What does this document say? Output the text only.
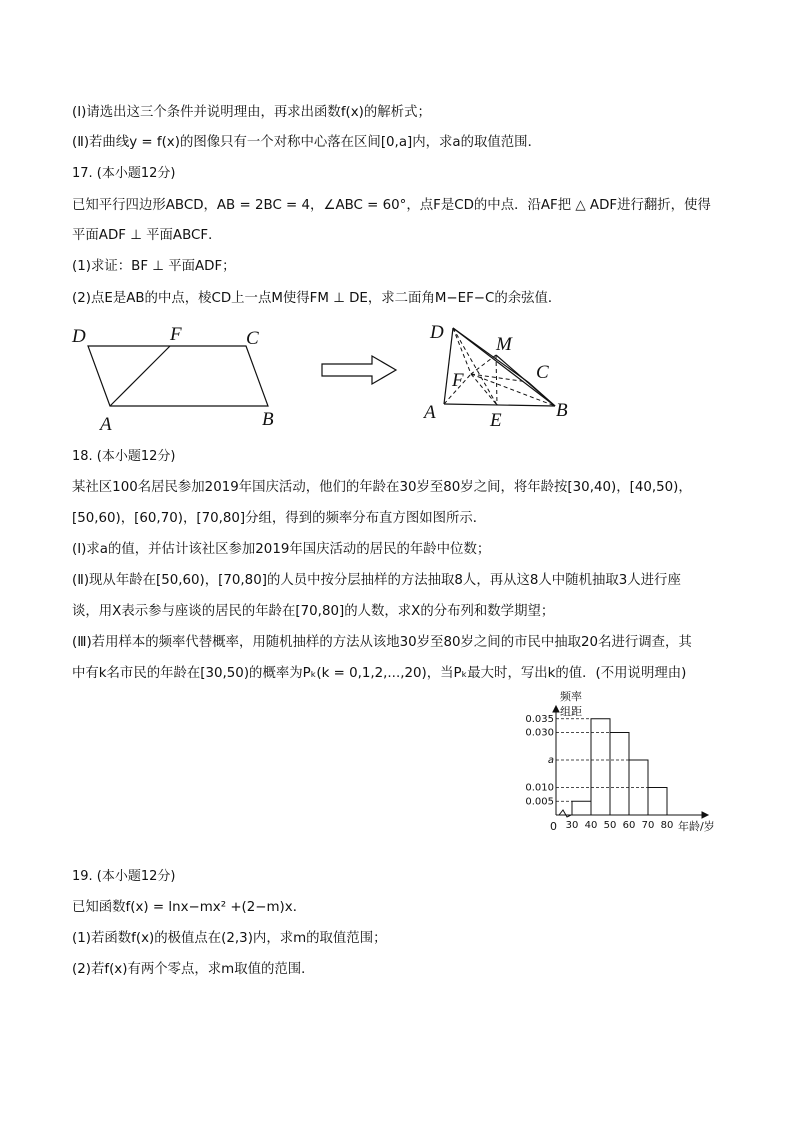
(Ⅰ)请选出这三个条件并说明理由，再求出函数f(x)的解析式；
(Ⅱ)若曲线y = f(x)的图像只有一个对称中心落在区间[0,a]内，求a的取值范围．
17. (本小题12分)
已知平行四边形ABCD，AB = 2BC = 4，∠ABC = 60°，点F是CD的中点．沿AF把 △ ADF进行翻折，使得
平面ADF ⊥ 平面ABCF．
(1)求证：BF ⊥ 平面ADF；
(2)点E是AB的中点，棱CD上一点M使得FM ⊥ DE，求二面角M−EF−C的余弦值．
D	F	C
A	B
D
M
C
F
A	E	B
18. (本小题12分)
某社区100名居民参加2019年国庆活动，他们的年龄在30岁至80岁之间，将年龄按[30,40)，[40,50)，
[50,60)，[60,70)，[70,80]分组，得到的频率分布直方图如图所示．
(Ⅰ)求a的值，并估计该社区参加2019年国庆活动的居民的年龄中位数；
(Ⅱ)现从年龄在[50,60)，[70,80]的人员中按分层抽样的方法抽取8人，再从这8人中随机抽取3人进行座
谈，用X表示参与座谈的居民的年龄在[70,80]的人数，求X的分布列和数学期望；
(Ⅲ)若用样本的频率代替概率，用随机抽样的方法从该地30岁至80岁之间的市民中抽取20名进行调查，其
中有k名市民的年龄在[30,50)的概率为Pₖ(k = 0,1,2,...,20)，当Pₖ最大时，写出k的值．(不用说明理由)
频率
组距
年龄/岁
0
0.005
0.010
a
0.030
0.035
30 40 50 60 70 80
19. (本小题12分)
已知函数f(x) = lnx−mx² +(2−m)x．
(1)若函数f(x)的极值点在(2,3)内，求m的取值范围；
(2)若f(x)有两个零点，求m取值的范围．
